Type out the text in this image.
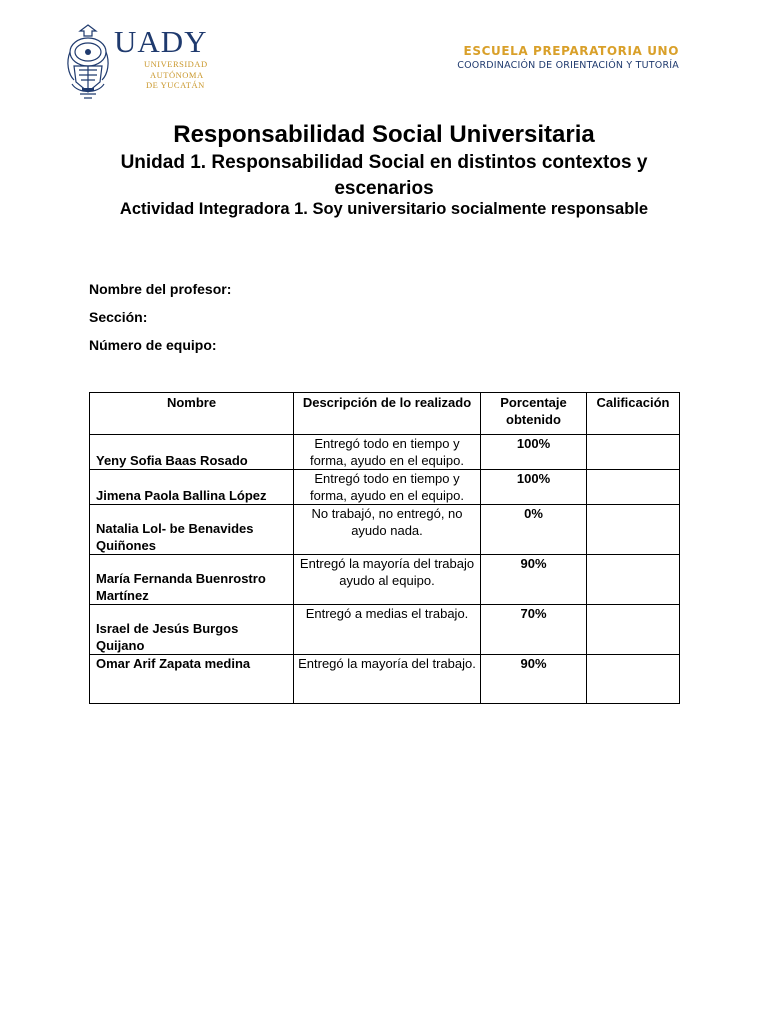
UADY
UNIVERSIDAD
AUTÓNOMA
DE YUCATÁN
ESCUELA PREPARATORIA UNO
COORDINACIÓN DE ORIENTACIÓN Y TUTORÍA
Responsabilidad Social Universitaria
Unidad 1. Responsabilidad Social en distintos contextos y escenarios
Actividad Integradora 1. Soy universitario socialmente responsable
Nombre del profesor:
Sección:
Número de equipo:
Nombre	Descripción de lo realizado	Porcentaje obtenido	Calificación
Yeny Sofia Baas Rosado	Entregó todo en tiempo y forma, ayudo en el equipo.	100%	
Jimena Paola Ballina López	Entregó todo en tiempo y forma, ayudo en el equipo.	100%	
Natalia Lol- be Benavides Quiñones	No trabajó, no entregó, no ayudo nada.	0%	
María Fernanda Buenrostro Martínez	Entregó la mayoría del trabajo ayudo al equipo.	90%	
Israel de Jesús Burgos Quijano	Entregó a medias el trabajo.	70%	
Omar Arif Zapata medina	Entregó la mayoría del trabajo.	90%	
